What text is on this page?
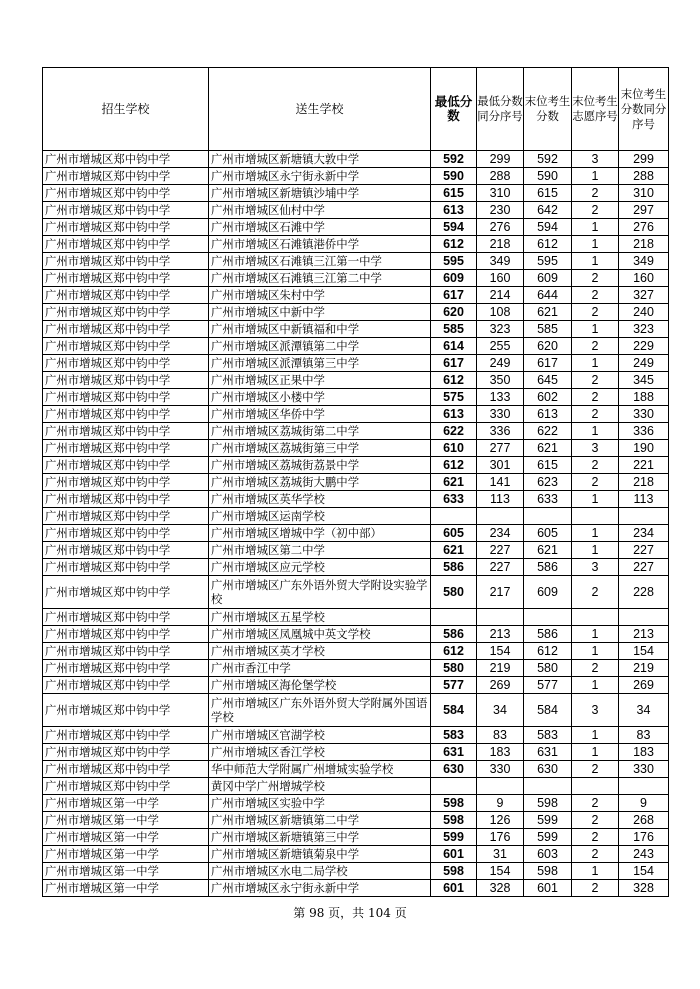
招生学校	送生学校	最低分数	最低分数同分序号	末位考生分数	末位考生志愿序号	末位考生分数同分序号
广州市增城区郑中钧中学	广州市增城区新塘镇大敦中学	592	299	592	3	299
广州市增城区郑中钧中学	广州市增城区永宁街永新中学	590	288	590	1	288
广州市增城区郑中钧中学	广州市增城区新塘镇沙埔中学	615	310	615	2	310
广州市增城区郑中钧中学	广州市增城区仙村中学	613	230	642	2	297
广州市增城区郑中钧中学	广州市增城区石滩中学	594	276	594	1	276
广州市增城区郑中钧中学	广州市增城区石滩镇港侨中学	612	218	612	1	218
广州市增城区郑中钧中学	广州市增城区石滩镇三江第一中学	595	349	595	1	349
广州市增城区郑中钧中学	广州市增城区石滩镇三江第二中学	609	160	609	2	160
广州市增城区郑中钧中学	广州市增城区朱村中学	617	214	644	2	327
广州市增城区郑中钧中学	广州市增城区中新中学	620	108	621	2	240
广州市增城区郑中钧中学	广州市增城区中新镇福和中学	585	323	585	1	323
广州市增城区郑中钧中学	广州市增城区派潭镇第二中学	614	255	620	2	229
广州市增城区郑中钧中学	广州市增城区派潭镇第三中学	617	249	617	1	249
广州市增城区郑中钧中学	广州市增城区正果中学	612	350	645	2	345
广州市增城区郑中钧中学	广州市增城区小楼中学	575	133	602	2	188
广州市增城区郑中钧中学	广州市增城区华侨中学	613	330	613	2	330
广州市增城区郑中钧中学	广州市增城区荔城街第二中学	622	336	622	1	336
广州市增城区郑中钧中学	广州市增城区荔城街第三中学	610	277	621	3	190
广州市增城区郑中钧中学	广州市增城区荔城街荔景中学	612	301	615	2	221
广州市增城区郑中钧中学	广州市增城区荔城街大鹏中学	621	141	623	2	218
广州市增城区郑中钧中学	广州市增城区英华学校	633	113	633	1	113
广州市增城区郑中钧中学	广州市增城区运南学校					
广州市增城区郑中钧中学	广州市增城区增城中学（初中部）	605	234	605	1	234
广州市增城区郑中钧中学	广州市增城区第二中学	621	227	621	1	227
广州市增城区郑中钧中学	广州市增城区应元学校	586	227	586	3	227
广州市增城区郑中钧中学	广州市增城区广东外语外贸大学附设实验学校	580	217	609	2	228
广州市增城区郑中钧中学	广州市增城区五星学校					
广州市增城区郑中钧中学	广州市增城区凤凰城中英文学校	586	213	586	1	213
广州市增城区郑中钧中学	广州市增城区英才学校	612	154	612	1	154
广州市增城区郑中钧中学	广州市香江中学	580	219	580	2	219
广州市增城区郑中钧中学	广州市增城区海伦堡学校	577	269	577	1	269
广州市增城区郑中钧中学	广州市增城区广东外语外贸大学附属外国语学校	584	34	584	3	34
广州市增城区郑中钧中学	广州市增城区官湖学校	583	83	583	1	83
广州市增城区郑中钧中学	广州市增城区香江学校	631	183	631	1	183
广州市增城区郑中钧中学	华中师范大学附属广州增城实验学校	630	330	630	2	330
广州市增城区郑中钧中学	黄冈中学广州增城学校					
广州市增城区第一中学	广州市增城区实验中学	598	9	598	2	9
广州市增城区第一中学	广州市增城区新塘镇第二中学	598	126	599	2	268
广州市增城区第一中学	广州市增城区新塘镇第三中学	599	176	599	2	176
广州市增城区第一中学	广州市增城区新塘镇菊泉中学	601	31	603	2	243
广州市增城区第一中学	广州市增城区水电二局学校	598	154	598	1	154
广州市增城区第一中学	广州市增城区永宁街永新中学	601	328	601	2	328
第 98 页，共 104 页
